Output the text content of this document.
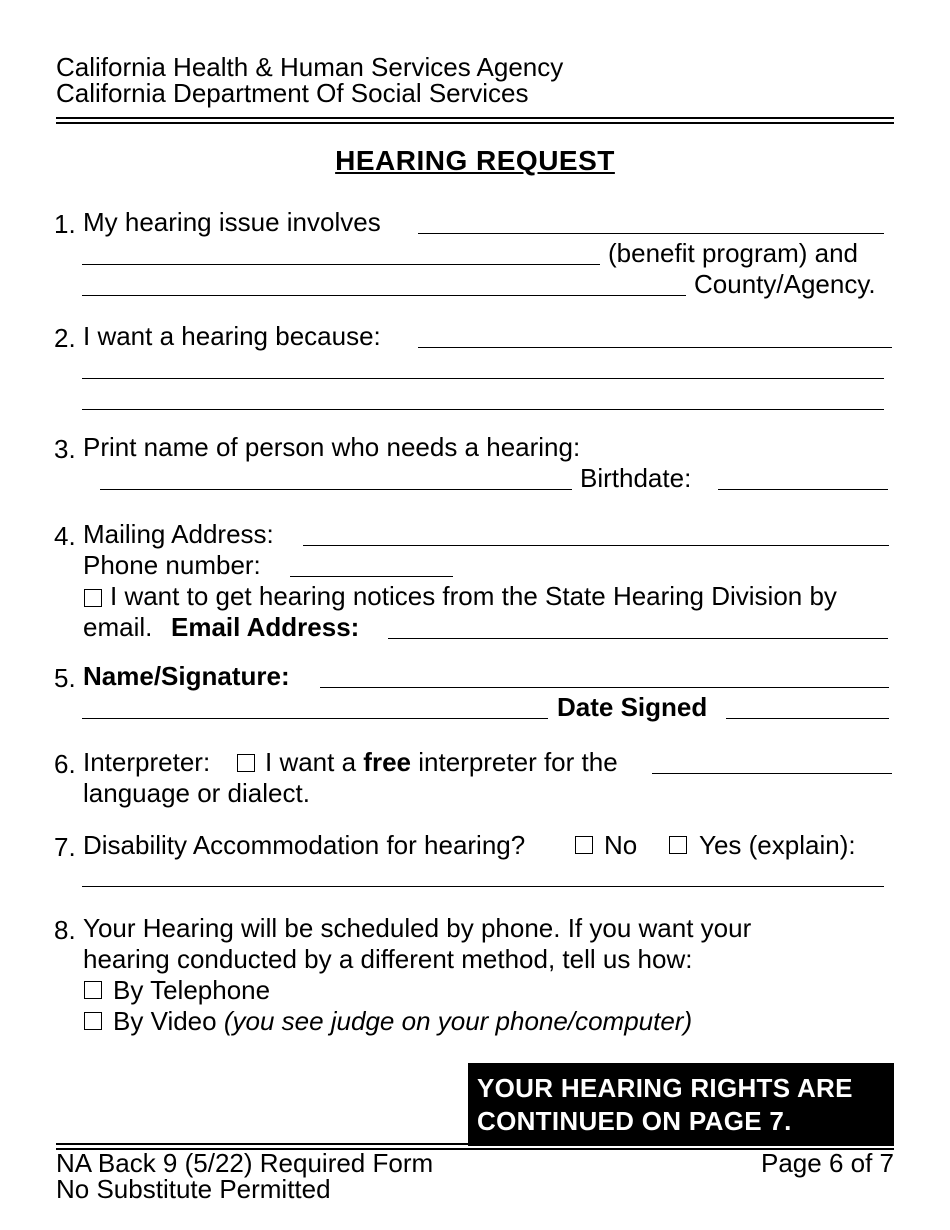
California Health & Human Services Agency
California Department Of Social Services
HEARING REQUEST
1. My hearing issue involves
(benefit program) and
County/Agency.
2. I want a hearing because:
3. Print name of person who needs a hearing:
Birthdate:
4. Mailing Address:
Phone number:
I want to get hearing notices from the State Hearing Division by
email. Email Address:
5. Name/Signature:
Date Signed
6. Interpreter: I want a free interpreter for the
language or dialect.
7. Disability Accommodation for hearing?	No Yes (explain):
8. Your Hearing will be scheduled by phone. If you want your
hearing conducted by a different method, tell us how:
By Telephone
By Video (you see judge on your phone/computer)
YOUR HEARING RIGHTS ARE
CONTINUED ON PAGE 7.
NA Back 9 (5/22) Required Form
No Substitute Permitted
Page 6 of 7
